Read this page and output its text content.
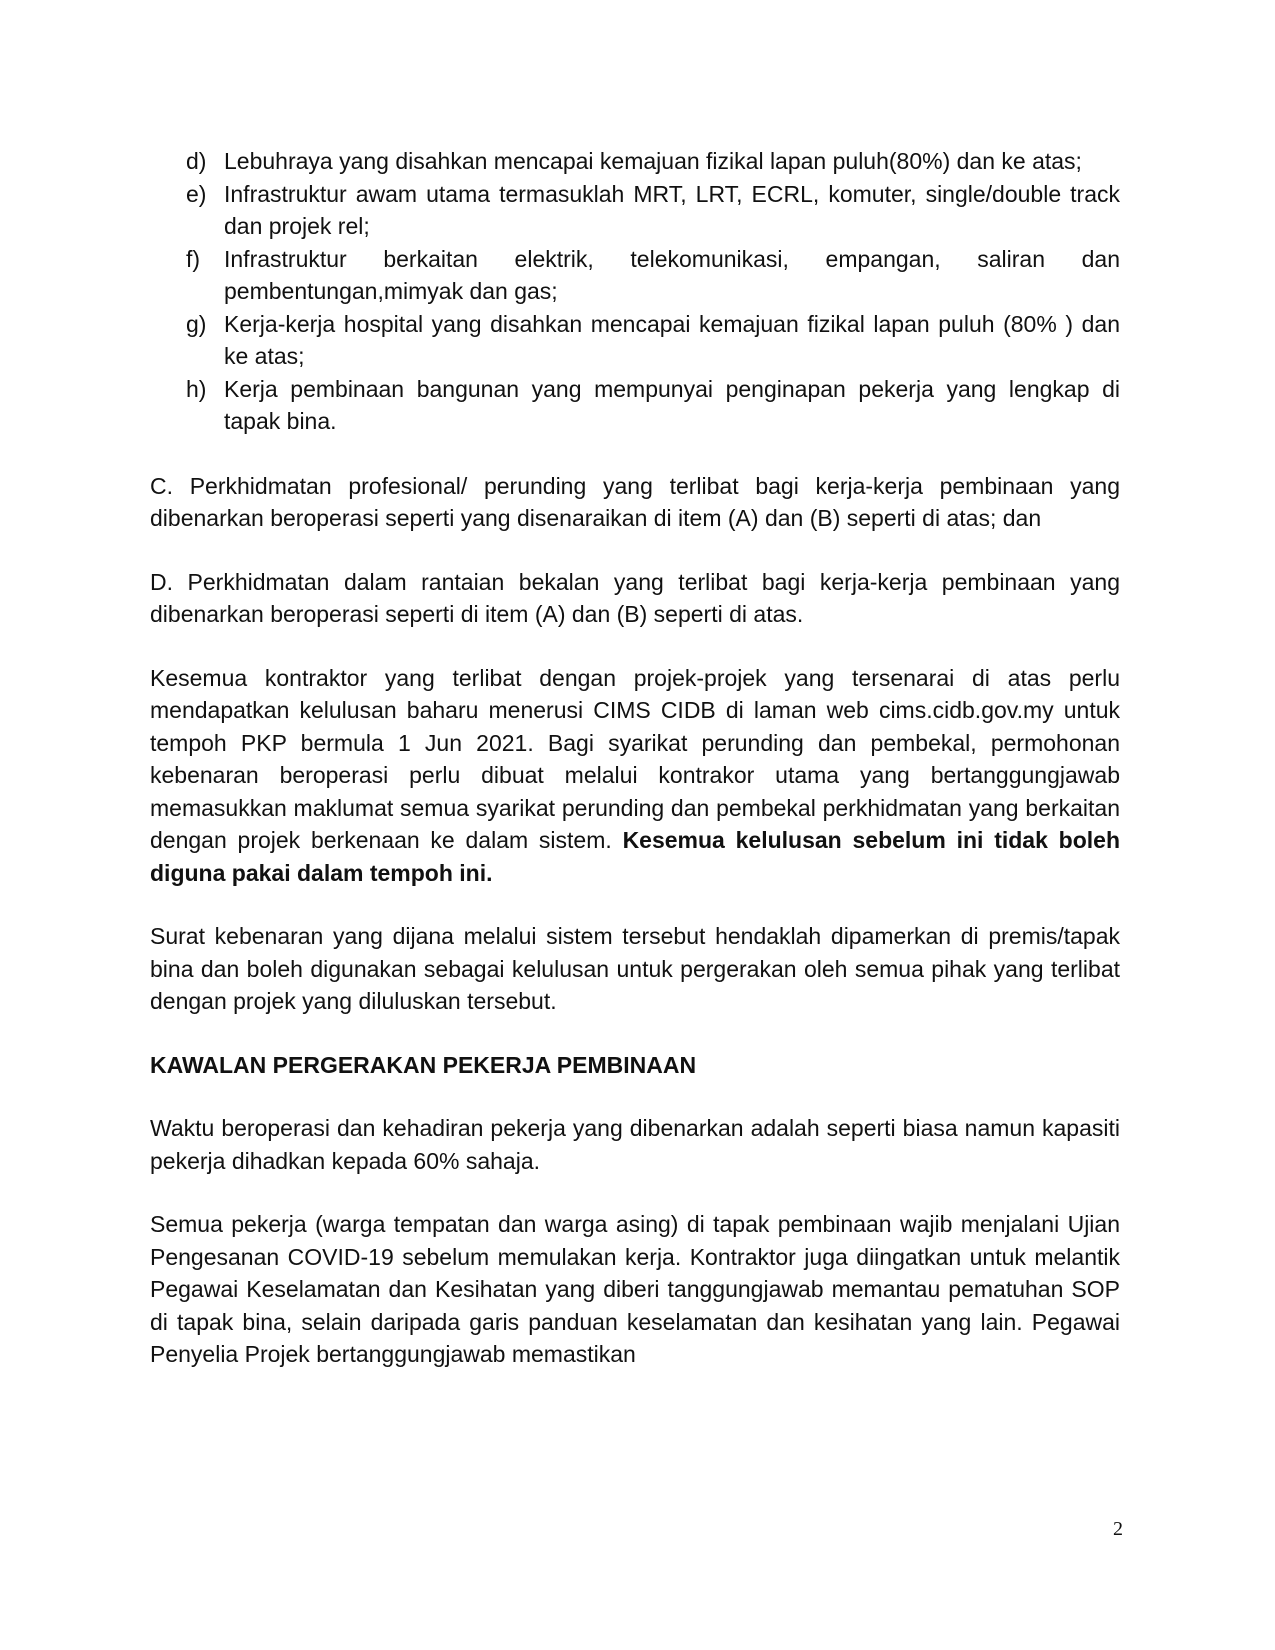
d) Lebuhraya yang disahkan mencapai kemajuan fizikal lapan puluh(80%) dan ke atas;
e) Infrastruktur awam utama termasuklah MRT, LRT, ECRL, komuter, single/double track dan projek rel;
f) Infrastruktur berkaitan elektrik, telekomunikasi, empangan, saliran dan pembentungan,mimyak dan gas;
g) Kerja-kerja hospital yang disahkan mencapai kemajuan fizikal lapan puluh (80% ) dan ke atas;
h) Kerja pembinaan bangunan yang mempunyai penginapan pekerja yang lengkap di tapak bina.

C. Perkhidmatan profesional/ perunding yang terlibat bagi kerja-kerja pembinaan yang dibenarkan beroperasi seperti yang disenaraikan di item (A) dan (B) seperti di atas; dan

D. Perkhidmatan dalam rantaian bekalan yang terlibat bagi kerja-kerja pembinaan yang dibenarkan beroperasi seperti di item (A) dan (B) seperti di atas.

Kesemua kontraktor yang terlibat dengan projek-projek yang tersenarai di atas perlu mendapatkan kelulusan baharu menerusi CIMS CIDB di laman web cims.cidb.gov.my untuk tempoh PKP bermula 1 Jun 2021. Bagi syarikat perunding dan pembekal, permohonan kebenaran beroperasi perlu dibuat melalui kontrakor utama yang bertanggungjawab memasukkan maklumat semua syarikat perunding dan pembekal perkhidmatan yang berkaitan dengan projek berkenaan ke dalam sistem. Kesemua kelulusan sebelum ini tidak boleh diguna pakai dalam tempoh ini.

Surat kebenaran yang dijana melalui sistem tersebut hendaklah dipamerkan di premis/tapak bina dan boleh digunakan sebagai kelulusan untuk pergerakan oleh semua pihak yang terlibat dengan projek yang diluluskan tersebut.

KAWALAN PERGERAKAN PEKERJA PEMBINAAN

Waktu beroperasi dan kehadiran pekerja yang dibenarkan adalah seperti biasa namun kapasiti pekerja dihadkan kepada 60% sahaja.

Semua pekerja (warga tempatan dan warga asing) di tapak pembinaan wajib menjalani Ujian Pengesanan COVID-19 sebelum memulakan kerja. Kontraktor juga diingatkan untuk melantik Pegawai Keselamatan dan Kesihatan yang diberi tanggungjawab memantau pematuhan SOP di tapak bina, selain daripada garis panduan keselamatan dan kesihatan yang lain. Pegawai Penyelia Projek bertanggungjawab memastikan

2
